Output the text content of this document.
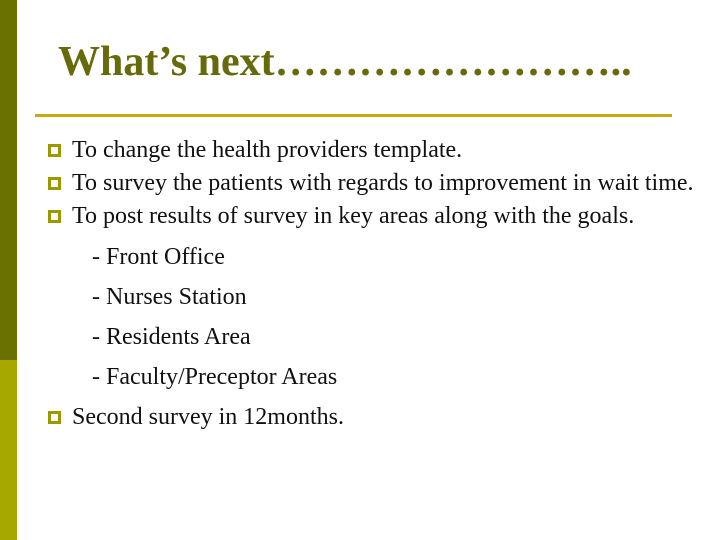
What’s next……………………..
To change the health providers template.
To survey the patients with regards to improvement in wait time.
To post results of survey in key areas along with the goals.
- Front Office
- Nurses Station
- Residents Area
- Faculty/Preceptor Areas
Second survey in 12months.
